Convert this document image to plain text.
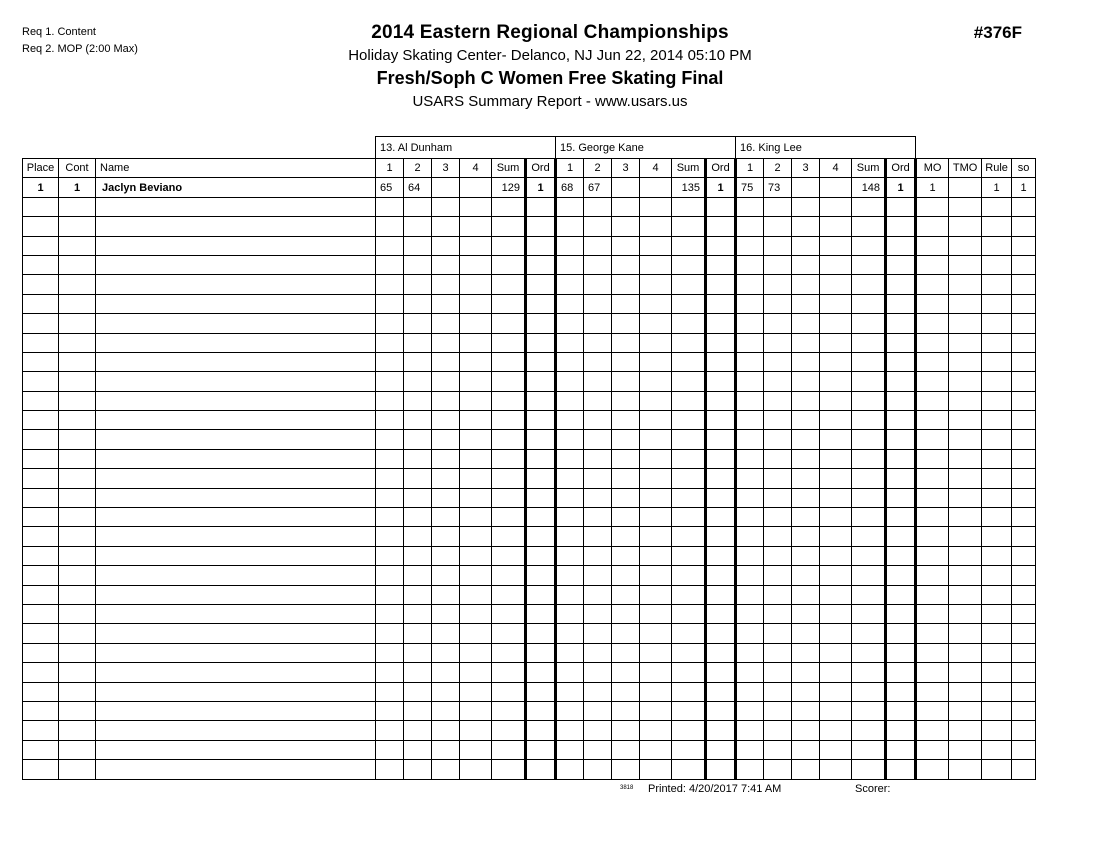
Req 1. Content
Req 2. MOP (2:00 Max)
#376F
2014 Eastern Regional Championships
Holiday Skating Center- Delanco, NJ Jun 22, 2014 05:10 PM
Fresh/Soph C Women Free Skating Final
USARS Summary Report - www.usars.us
			13. Al Dunham						15. George Kane						16. King Lee									
Place	Cont	Name	1	2	3	4	Sum	Ord	1	2	3	4	Sum	Ord	1	2	3	4	Sum	Ord	MO	TMO	Rule	so
1	1	Jaclyn Beviano	65	64			129	1	68	67			135	1	75	73			148	1	1		1	1

3818 Printed: 4/20/2017 7:41 AM	Scorer:
